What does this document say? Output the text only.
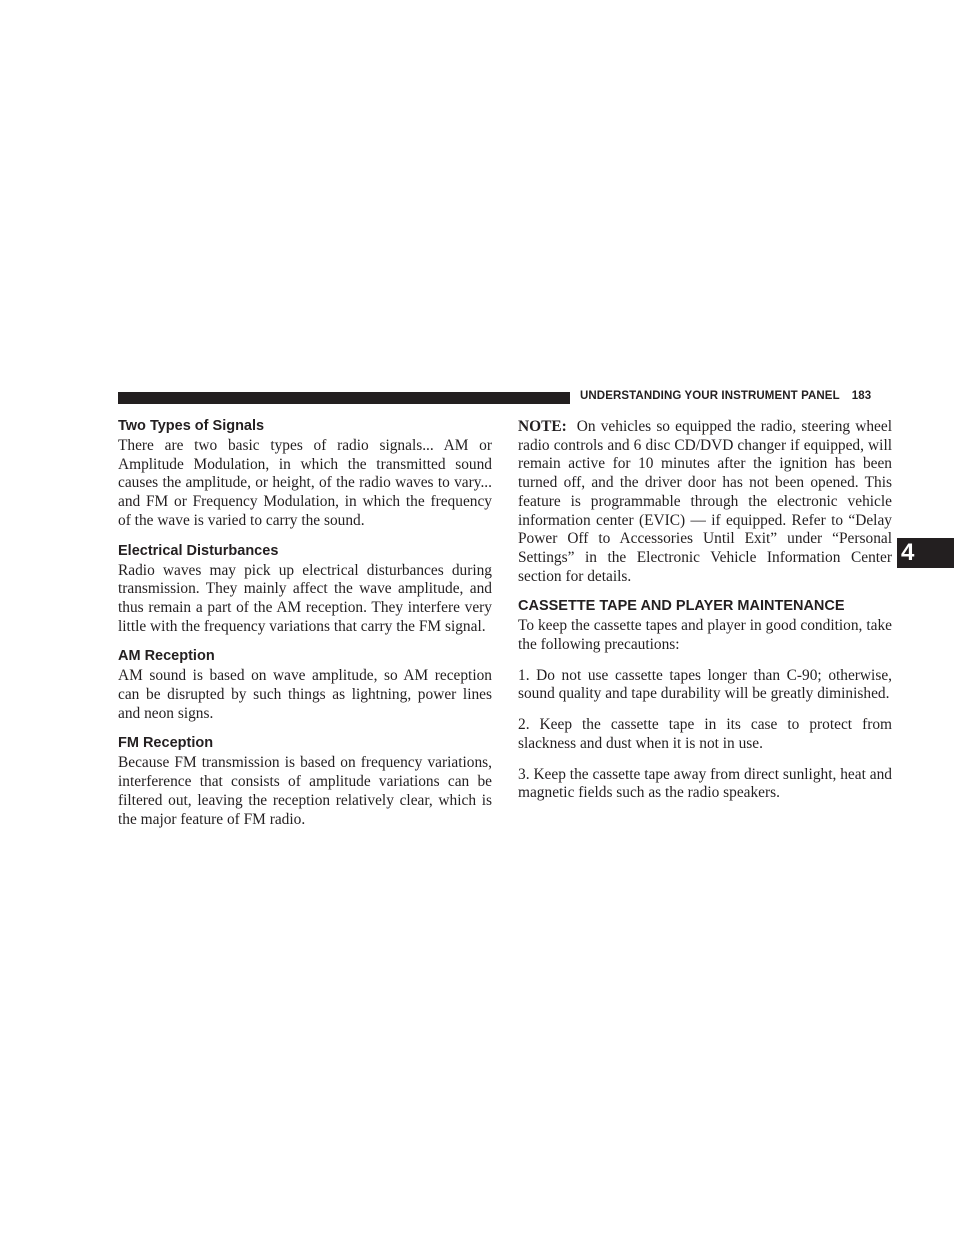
UNDERSTANDING YOUR INSTRUMENT PANEL 183
4
Two Types of Signals

There are two basic types of radio signals... AM or Amplitude Modulation, in which the transmitted sound causes the amplitude, or height, of the radio waves to vary... and FM or Frequency Modulation, in which the frequency of the wave is varied to carry the sound.

Electrical Disturbances

Radio waves may pick up electrical disturbances during transmission. They mainly affect the wave amplitude, and thus remain a part of the AM reception. They interfere very little with the frequency variations that carry the FM signal.

AM Reception

AM sound is based on wave amplitude, so AM reception can be disrupted by such things as lightning, power lines and neon signs.

FM Reception

Because FM transmission is based on frequency variations, interference that consists of amplitude variations can be filtered out, leaving the reception relatively clear, which is the major feature of FM radio.

NOTE: On vehicles so equipped the radio, steering wheel radio controls and 6 disc CD/DVD changer if equipped, will remain active for 10 minutes after the ignition has been turned off, and the driver door has not been opened. This feature is programmable through the electronic vehicle information center (EVIC) — if equipped. Refer to “Delay Power Off to Accessories Until Exit” under “Personal Settings” in the Electronic Vehicle Information Center section for details.

CASSETTE TAPE AND PLAYER MAINTENANCE

To keep the cassette tapes and player in good condition, take the following precautions:

1. Do not use cassette tapes longer than C-90; otherwise, sound quality and tape durability will be greatly diminished.

2. Keep the cassette tape in its case to protect from slackness and dust when it is not in use.

3. Keep the cassette tape away from direct sunlight, heat and magnetic fields such as the radio speakers.
